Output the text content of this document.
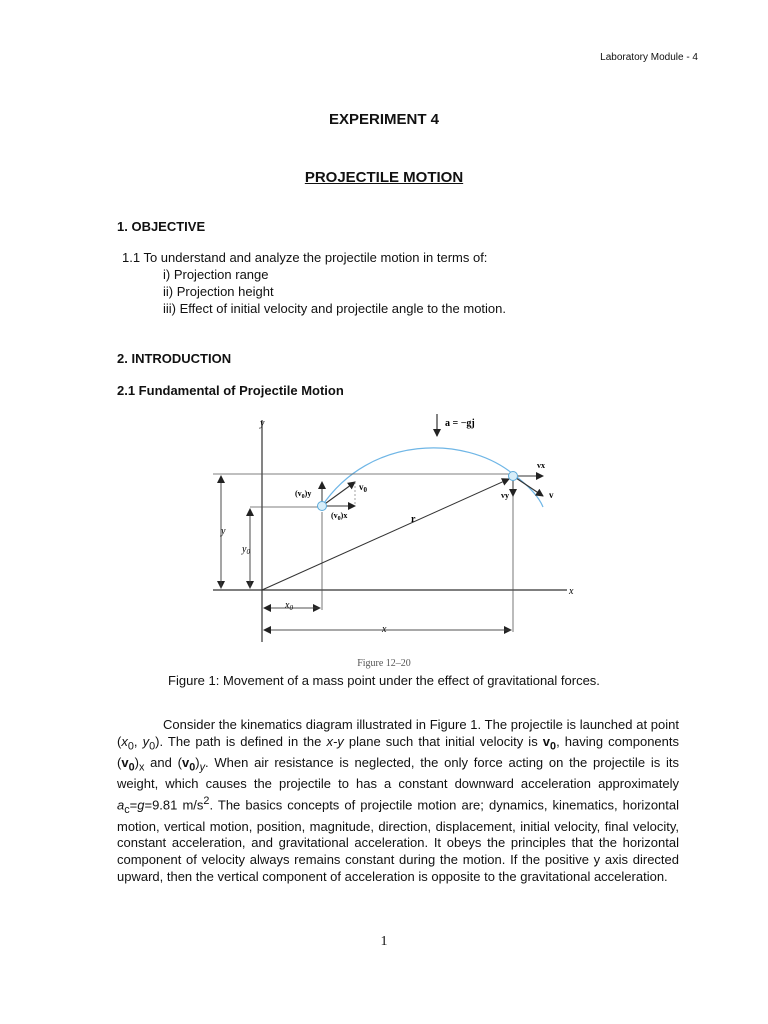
Laboratory Module - 4
EXPERIMENT 4
PROJECTILE MOTION
1. OBJECTIVE
1.1 To understand and analyze the projectile motion in terms of:
i) Projection range
ii) Projection height
iii) Effect of initial velocity and projectile angle to the motion.
2. INTRODUCTION
2.1 Fundamental of Projectile Motion
y
$y_0$
$x_0$
x
y
x
r
a = −gj
$v_0$
$(v_0)y$
$(v_0)x$
vx
vy	v
Figure 12–20
Figure 1: Movement of a mass point under the effect of gravitational forces.
Consider the kinematics diagram illustrated in Figure 1. The projectile is launched at point ($x_0$, $y_0$). The path is defined in the x-y plane such that initial velocity is $v_0$, having components $(v_0)_x$ and $(v_0)_y$. When air resistance is neglected, the only force acting on the projectile is its weight, which causes the projectile to has a constant downward acceleration approximately $a_c=g=9.81$ $m/s^2$. The basics concepts of projectile motion are; dynamics, kinematics, horizontal motion, vertical motion, position, magnitude, direction, displacement, initial velocity, final velocity, constant acceleration, and gravitational acceleration. It obeys the principles that the horizontal component of velocity always remains constant during the motion. If the positive y axis directed upward, then the vertical component of acceleration is opposite to the gravitational acceleration.
1
